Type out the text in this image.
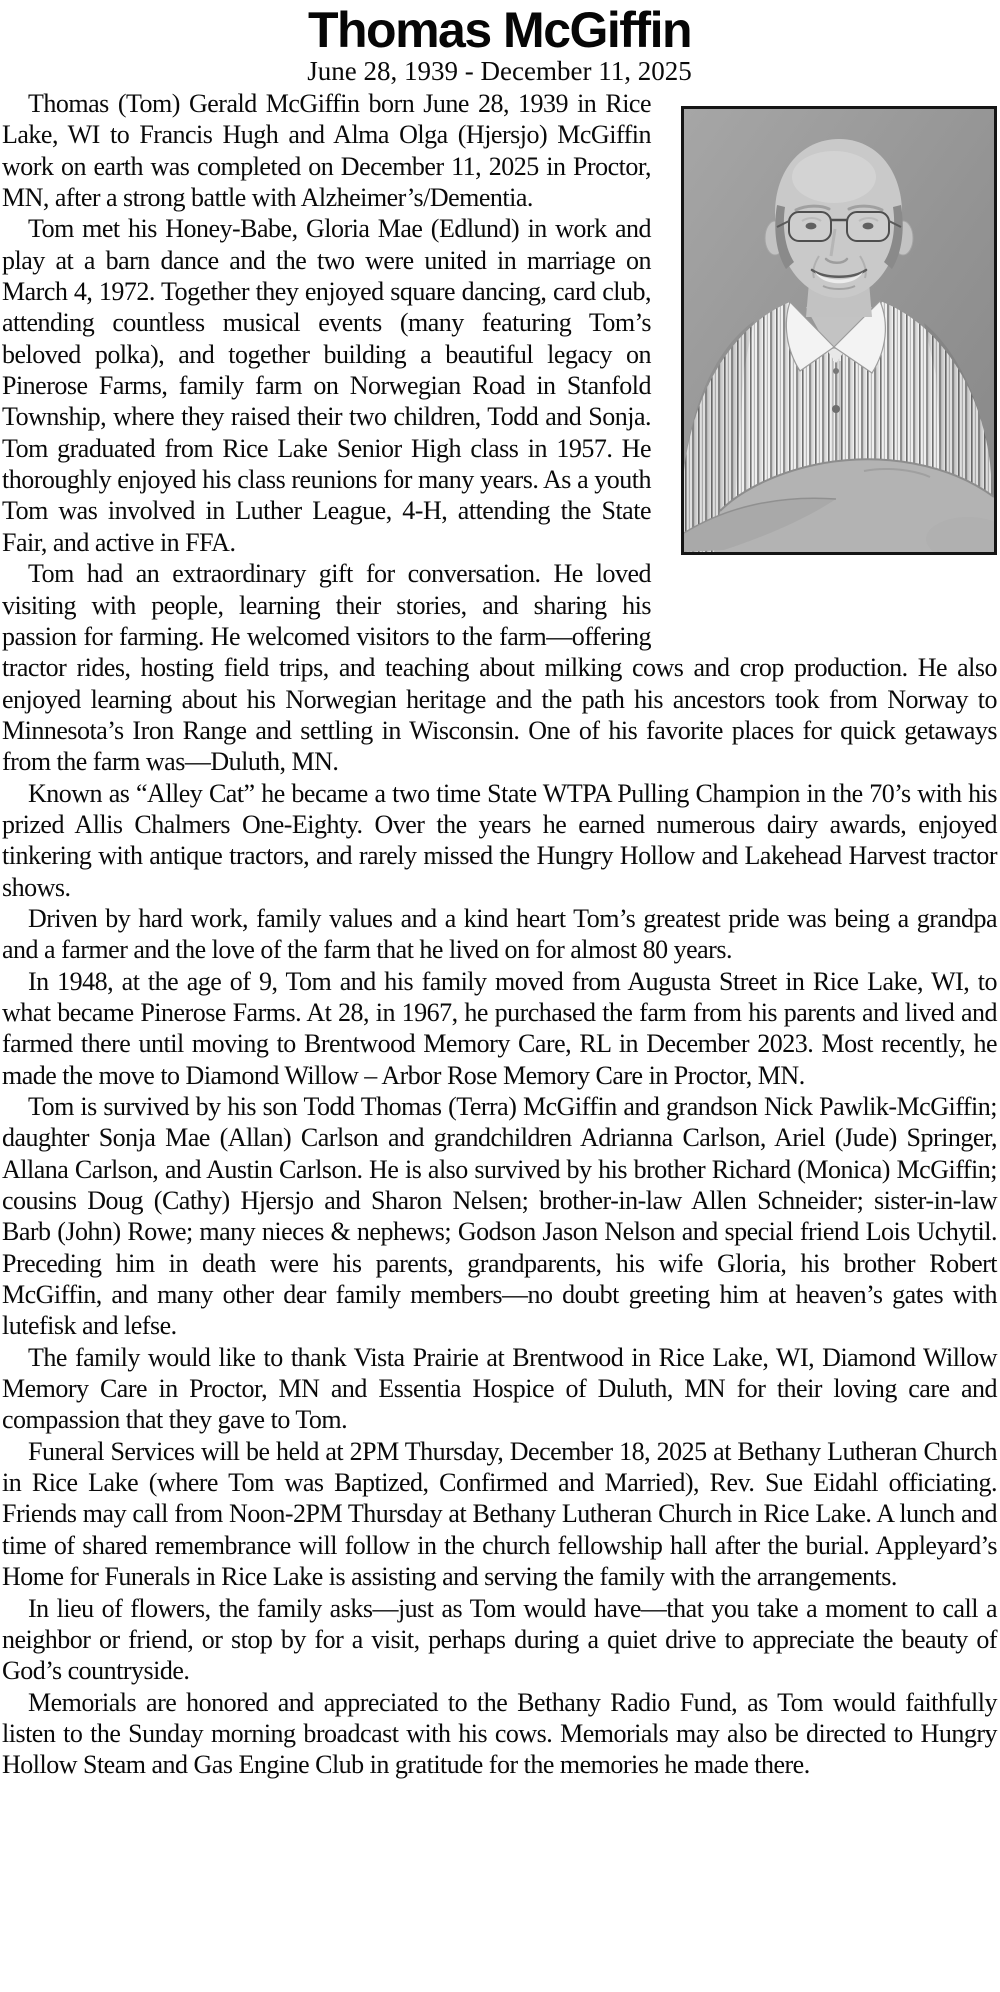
Thomas McGiffin
June 28, 1939 - December 11, 2025

Thomas (Tom) Gerald McGiffin born June 28, 1939 in Rice Lake, WI to Francis Hugh and Alma Olga (Hjersjo) McGiffin work on earth was completed on December 11, 2025 in Proctor, MN, after a strong battle with Alzheimer’s/Dementia.

Tom met his Honey-Babe, Gloria Mae (Edlund) in work and play at a barn dance and the two were united in marriage on March 4, 1972. Together they enjoyed square dancing, card club, attending countless musical events (many featuring Tom’s beloved polka), and together building a beautiful legacy on Pinerose Farms, family farm on Norwegian Road in Stanfold Township, where they raised their two children, Todd and Sonja. Tom graduated from Rice Lake Senior High class in 1957. He thoroughly enjoyed his class reunions for many years. As a youth Tom was involved in Luther League, 4-H, attending the State Fair, and active in FFA.

Tom had an extraordinary gift for conversation. He loved visiting with people, learning their stories, and sharing his passion for farming. He welcomed visitors to the farm—offering tractor rides, hosting field trips, and teaching about milking cows and crop production. He also enjoyed learning about his Norwegian heritage and the path his ancestors took from Norway to Minnesota’s Iron Range and settling in Wisconsin. One of his favorite places for quick getaways from the farm was—Duluth, MN.

Known as “Alley Cat” he became a two time State WTPA Pulling Champion in the 70’s with his prized Allis Chalmers One-Eighty. Over the years he earned numerous dairy awards, enjoyed tinkering with antique tractors, and rarely missed the Hungry Hollow and Lakehead Harvest tractor shows.

Driven by hard work, family values and a kind heart Tom’s greatest pride was being a grandpa and a farmer and the love of the farm that he lived on for almost 80 years.

In 1948, at the age of 9, Tom and his family moved from Augusta Street in Rice Lake, WI, to what became Pinerose Farms. At 28, in 1967, he purchased the farm from his parents and lived and farmed there until moving to Brentwood Memory Care, RL in December 2023. Most recently, he made the move to Diamond Willow – Arbor Rose Memory Care in Proctor, MN.

Tom is survived by his son Todd Thomas (Terra) McGiffin and grandson Nick Pawlik-McGiffin; daughter Sonja Mae (Allan) Carlson and grandchildren Adrianna Carlson, Ariel (Jude) Springer, Allana Carlson, and Austin Carlson. He is also survived by his brother Richard (Monica) McGiffin; cousins Doug (Cathy) Hjersjo and Sharon Nelsen; brother-in-law Allen Schneider; sister-in-law Barb (John) Rowe; many nieces & nephews; Godson Jason Nelson and special friend Lois Uchytil. Preceding him in death were his parents, grandparents, his wife Gloria, his brother Robert McGiffin, and many other dear family members—no doubt greeting him at heaven’s gates with lutefisk and lefse.

The family would like to thank Vista Prairie at Brentwood in Rice Lake, WI, Diamond Willow Memory Care in Proctor, MN and Essentia Hospice of Duluth, MN for their loving care and compassion that they gave to Tom.

Funeral Services will be held at 2PM Thursday, December 18, 2025 at Bethany Lutheran Church in Rice Lake (where Tom was Baptized, Confirmed and Married), Rev. Sue Eidahl officiating. Friends may call from Noon-2PM Thursday at Bethany Lutheran Church in Rice Lake. A lunch and time of shared remembrance will follow in the church fellowship hall after the burial. Appleyard’s Home for Funerals in Rice Lake is assisting and serving the family with the arrangements.

In lieu of flowers, the family asks—just as Tom would have—that you take a moment to call a neighbor or friend, or stop by for a visit, perhaps during a quiet drive to appreciate the beauty of God’s countryside.

Memorials are honored and appreciated to the Bethany Radio Fund, as Tom would faithfully listen to the Sunday morning broadcast with his cows. Memorials may also be directed to Hungry Hollow Steam and Gas Engine Club in gratitude for the memories he made there.
